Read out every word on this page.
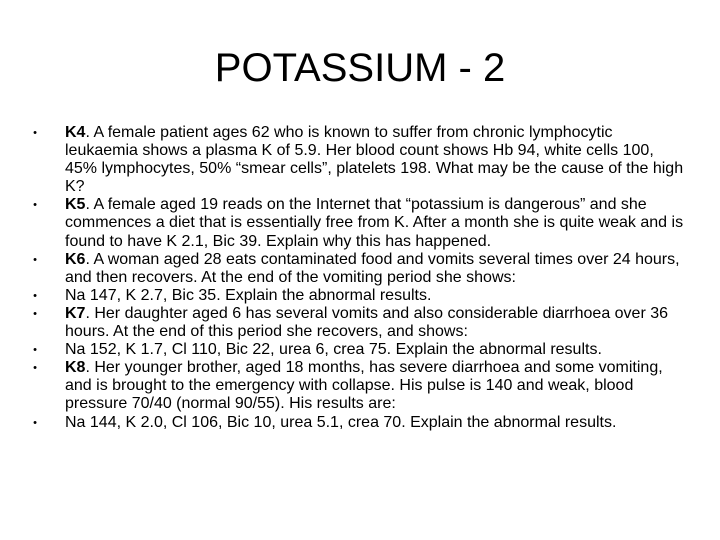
POTASSIUM - 2
• K4. A female patient ages 62 who is known to suffer from chronic lymphocytic leukaemia shows a plasma K of 5.9. Her blood count shows Hb 94, white cells 100, 45% lymphocytes, 50% “smear cells”, platelets 198. What may be the cause of the high K?
• K5. A female aged 19 reads on the Internet that “potassium is dangerous” and she commences a diet that is essentially free from K. After a month she is quite weak and is found to have K 2.1, Bic 39. Explain why this has happened.
• K6. A woman aged 28 eats contaminated food and vomits several times over 24 hours, and then recovers. At the end of the vomiting period she shows:
• Na 147, K 2.7, Bic 35. Explain the abnormal results.
• K7. Her daughter aged 6 has several vomits and also considerable diarrhoea over 36 hours. At the end of this period she recovers, and shows:
• Na 152, K 1.7, Cl 110, Bic 22, urea 6, crea 75. Explain the abnormal results.
• K8. Her younger brother, aged 18 months, has severe diarrhoea and some vomiting, and is brought to the emergency with collapse. His pulse is 140 and weak, blood pressure 70/40 (normal 90/55). His results are:
• Na 144, K 2.0, Cl 106, Bic 10, urea 5.1, crea 70. Explain the abnormal results.
